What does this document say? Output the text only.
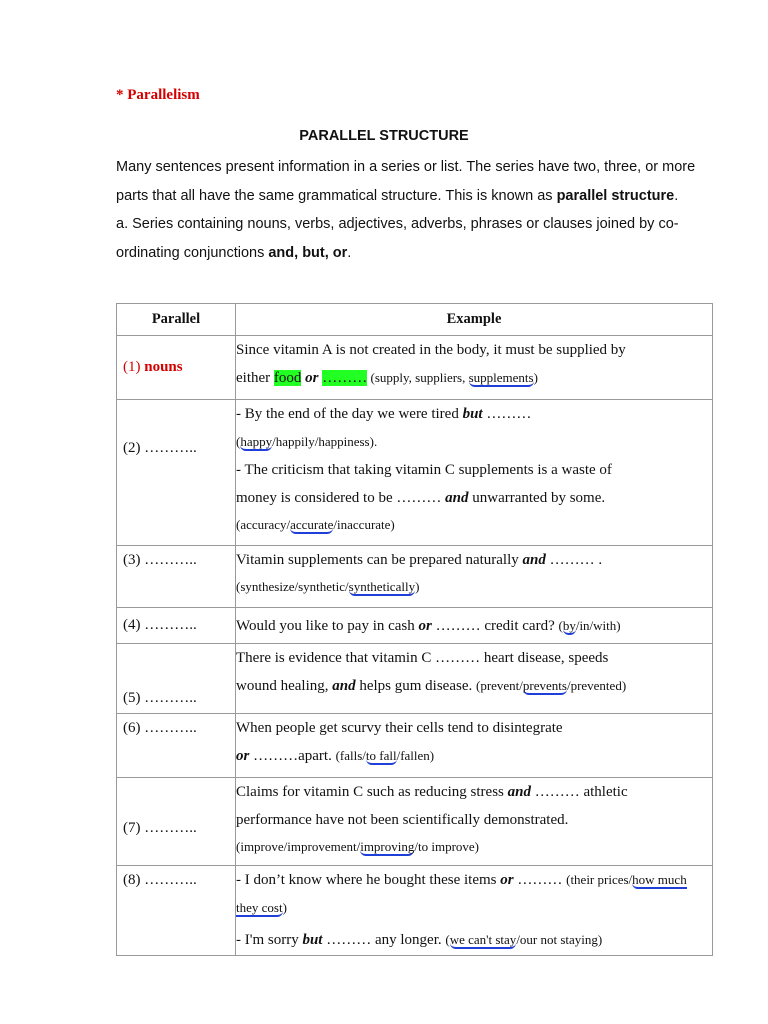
* Parallelism
PARALLEL STRUCTURE

Many sentences present information in a series or list. The series have two, three, or more parts that all have the same grammatical structure. This is known as parallel structure.

a. Series containing nouns, verbs, adjectives, adverbs, phrases or clauses joined by co-ordinating conjunctions and, but, or.

Parallel	Example
(1) nouns	Since vitamin A is not created in the body, it must be supplied by
either food or ……… (supply, suppliers, supplements)

(2) ………..	- By the end of the day we were tired but ………
(happy/happily/happiness).
- The criticism that taking vitamin C supplements is a waste of
money is considered to be ……… and unwarranted by some.
(accuracy/accurate/inaccurate)

(3) ………..	Vitamin supplements can be prepared naturally and ……… .
(synthesize/synthetic/synthetically)

(4) ………..	Would you like to pay in cash or ……… credit card? (by/in/with)

(5) ………..	There is evidence that vitamin C ……… heart disease, speeds
wound healing, and helps gum disease. (prevent/prevents/prevented)

(6) ………..	When people get scurvy their cells tend to disintegrate
or ………apart. (falls/to fall/fallen)

(7) ………..	Claims for vitamin C such as reducing stress and ……… athletic
performance have not been scientifically demonstrated.
(improve/improvement/improving/to improve)

(8) ………..	- I don’t know where he bought these items or ……… (their prices/how much they cost)
- I'm sorry but ……… any longer. (we can't stay/our not staying)
